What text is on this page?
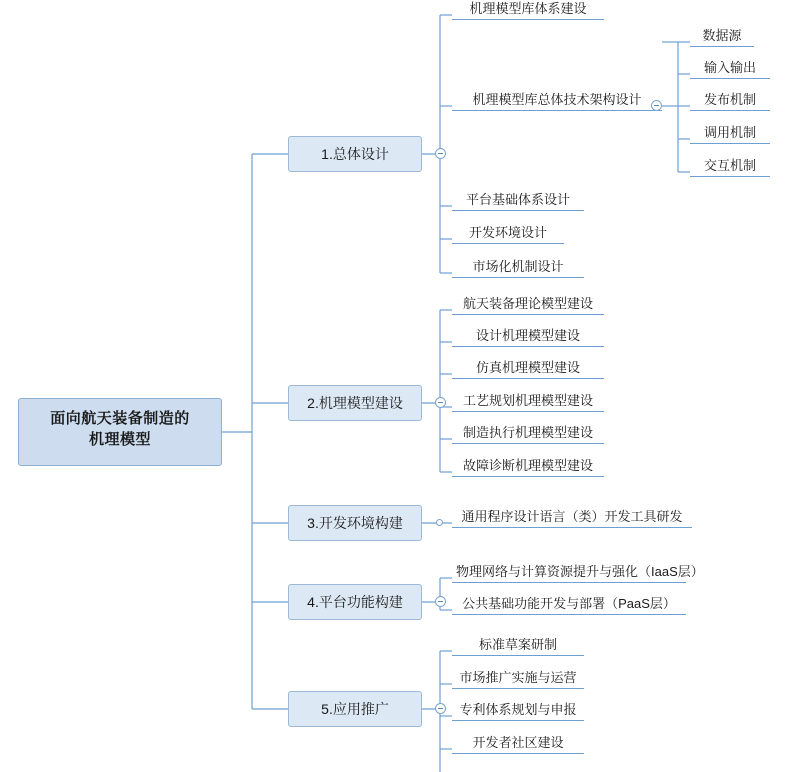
面向航天装备制造的
机理模型
1.总体设计
2.机理模型建设
3.开发环境构建
4.平台功能构建
5.应用推广
机理模型库体系建设
机理模型库总体技术架构设计
平台基础体系设计
开发环境设计
市场化机制设计
数据源
输入输出
发布机制
调用机制
交互机制
航天装备理论模型建设
设计机理模型建设
仿真机理模型建设
工艺规划机理模型建设
制造执行机理模型建设
故障诊断机理模型建设
通用程序设计语言（类）开发工具研发
物理网络与计算资源提升与强化（IaaS层）
公共基础功能开发与部署（PaaS层）
标准草案研制
市场推广实施与运营
专利体系规划与申报
开发者社区建设
